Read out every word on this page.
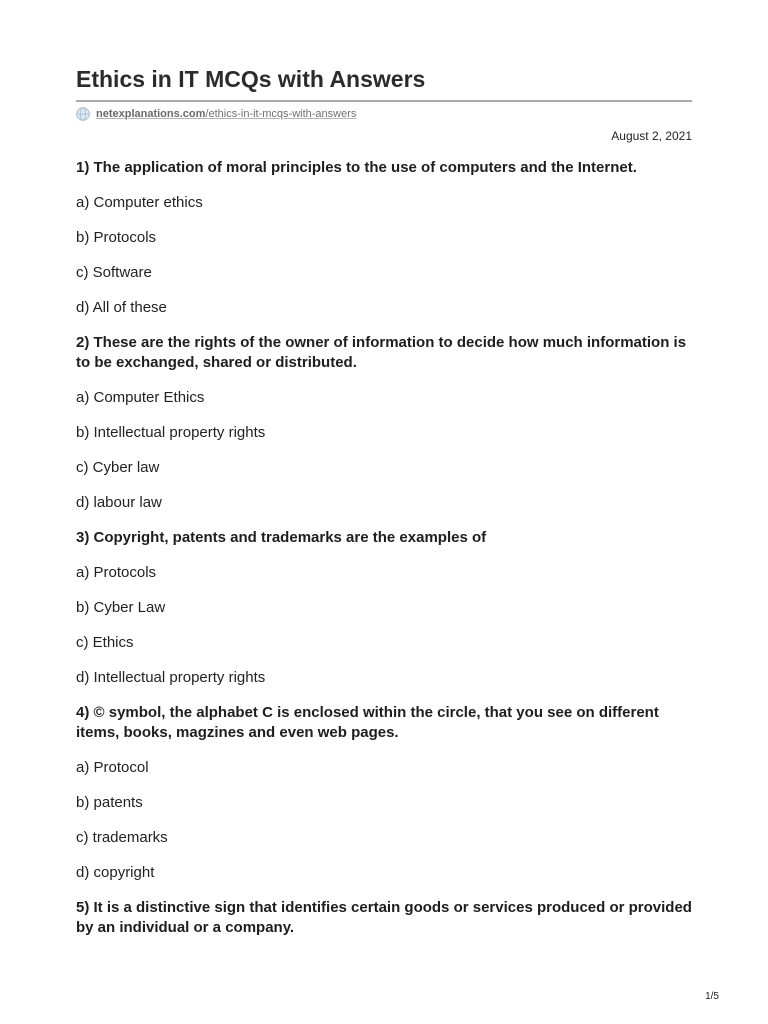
Ethics in IT MCQs with Answers
netexplanations.com/ethics-in-it-mcqs-with-answers
August 2, 2021

1) The application of moral principles to the use of computers and the Internet.

a) Computer ethics

b) Protocols

c) Software

d) All of these

2) These are the rights of the owner of information to decide how much information is to be exchanged, shared or distributed.

a) Computer Ethics

b) Intellectual property rights

c) Cyber law

d) labour law

3) Copyright, patents and trademarks are the examples of

a) Protocols

b) Cyber Law

c) Ethics

d) Intellectual property rights

4) © symbol, the alphabet C is enclosed within the circle, that you see on different items, books, magzines and even web pages.

a) Protocol

b) patents

c) trademarks

d) copyright

5) It is a distinctive sign that identifies certain goods or services produced or provided by an individual or a company.

1/5
